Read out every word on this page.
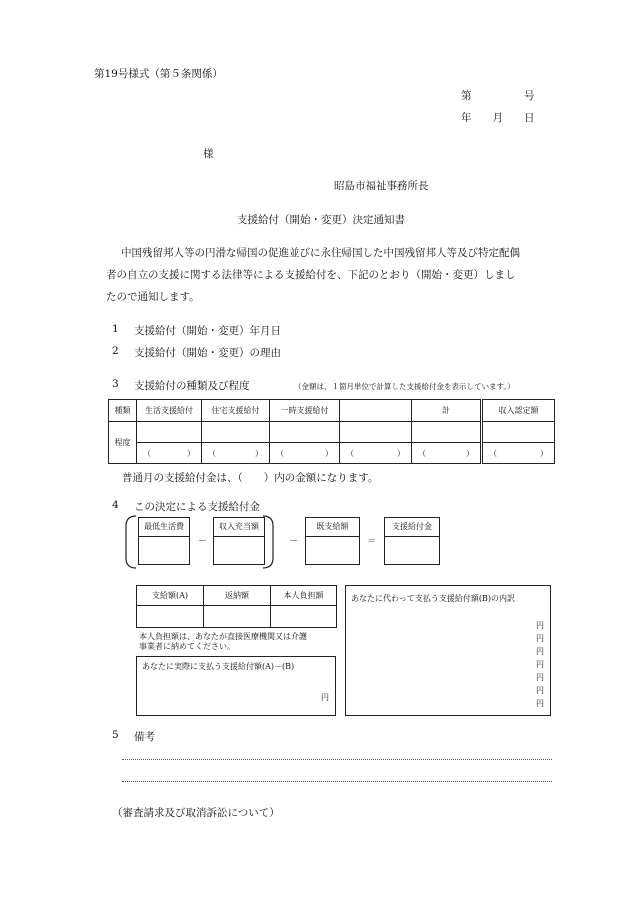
第19号様式（第５条関係）
第　　　　　号
年　　月　　日
様
昭島市福祉事務所長
支援給付（開始・変更）決定通知書
中国残留邦人等の円滑な帰国の促進並びに永住帰国した中国残留邦人等及び特定配偶
者の自立の支援に関する法律等による支援給付を、下記のとおり（開始・変更）しまし
たので通知します。
1 支援給付（開始・変更）年月日
2 支援給付（開始・変更）の理由
3 支援給付の種類及び程度	（金額は、１箇月単位で計算した支援給付金を表示しています。）
種類	生活支援給付	住宅支援給付	一時支援給付		計	収入認定額
程度						

	（ ）	（ ）	（ ）	（ ）	（ ）	（ ）
普通月の支援給付金は、（　　）内の金額になります。
4 この決定による支援給付金
最低生活費
－
収入充当額
－
既支給額
＝
支援給付金
支給額(A)	返納額	本人負担額

本人負担額は、あなたが直接医療機関又は介護
事業者に納めてください。
あなたに実際に支払う支援給付額(A)－(B)
円
あなたに代わって支払う支援給付額(B)の内訳
円
円
円
円
円
円
円
5 備考
（審査請求及び取消訴訟について）
